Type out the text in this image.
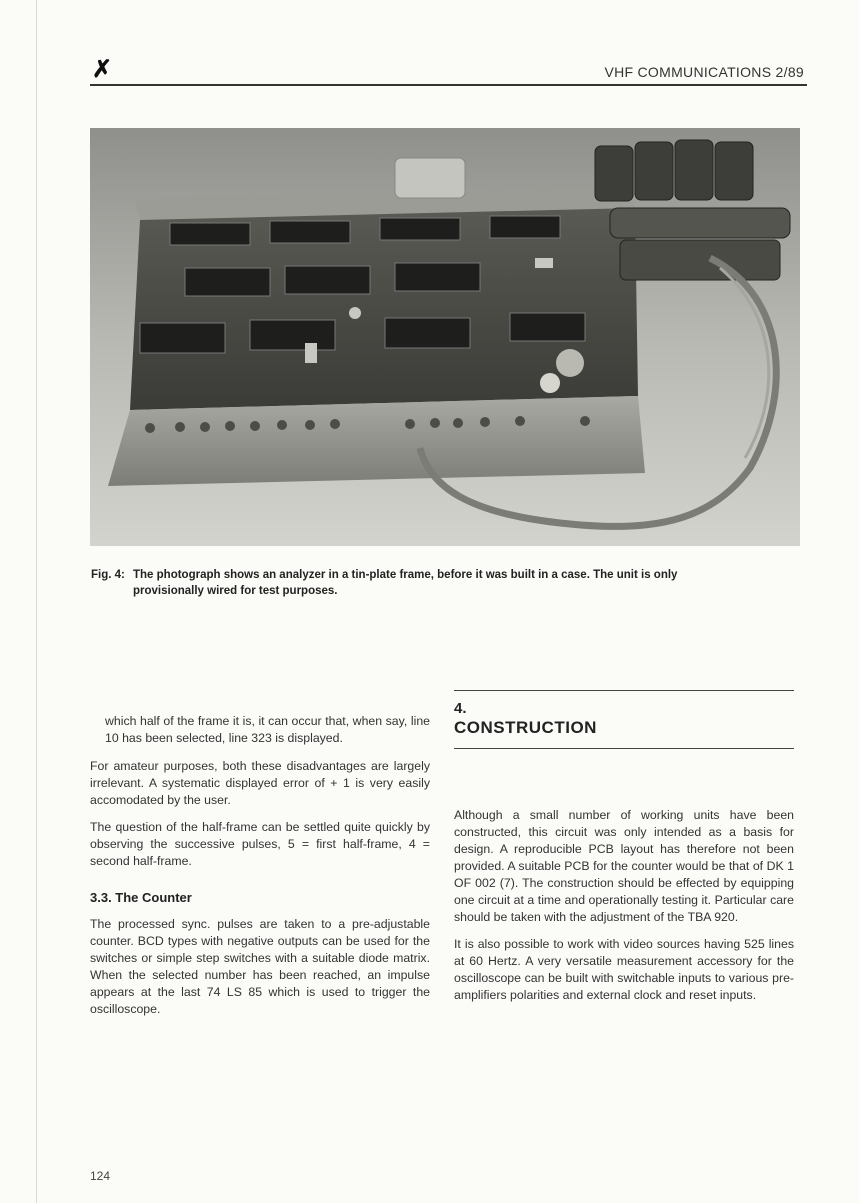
✗	VHF COMMUNICATIONS 2/89
Fig. 4: The photograph shows an analyzer in a tin-plate frame, before it was built in a case. The unit is only
provisionally wired for test purposes.

which half of the frame it is, it can occur that, when say, line 10 has been selected, line 323 is displayed.

For amateur purposes, both these disadvantages are largely irrelevant. A systematic displayed error of + 1 is very easily accomodated by the user.

The question of the half-frame can be settled quite quickly by observing the successive pulses, 5 = first half-frame, 4 = second half-frame.

3.3. The Counter

The processed sync. pulses are taken to a pre-adjustable counter. BCD types with negative outputs can be used for the switches or simple step switches with a suitable diode matrix. When the selected number has been reached, an impulse appears at the last 74 LS 85 which is used to trigger the oscilloscope.

4.
CONSTRUCTION

Although a small number of working units have been constructed, this circuit was only intended as a basis for design. A reproducible PCB layout has therefore not been provided. A suitable PCB for the counter would be that of DK 1 OF 002 (7). The construction should be effected by equipping one circuit at a time and operationally testing it. Particular care should be taken with the adjustment of the TBA 920.

It is also possible to work with video sources having 525 lines at 60 Hertz. A very versatile measurement accessory for the oscilloscope can be built with switchable inputs to various pre-amplifiers polarities and external clock and reset inputs.

124
